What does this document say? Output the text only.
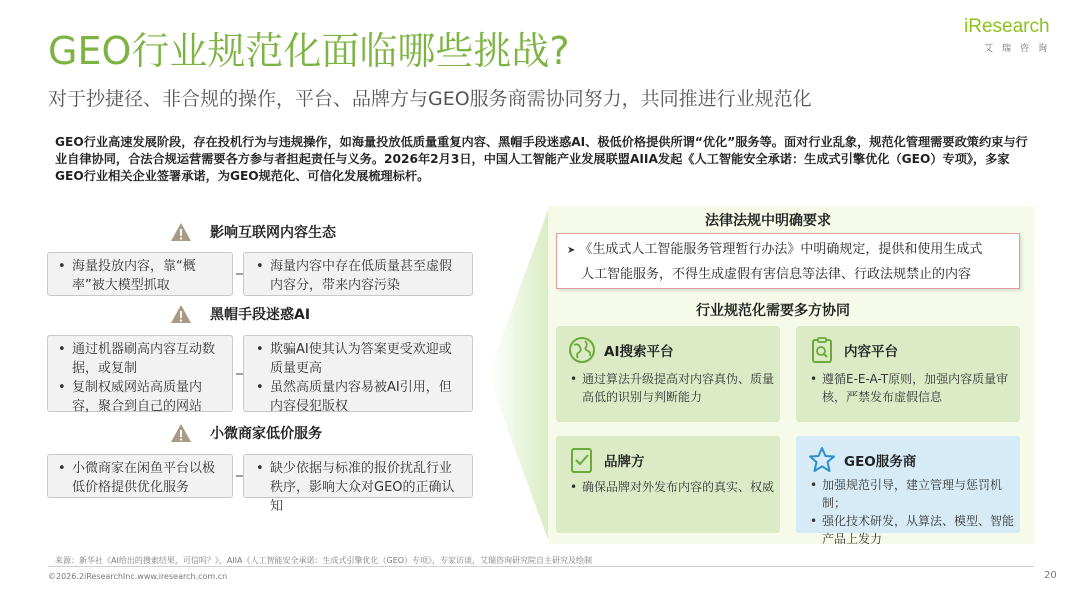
GEO行业规范化面临哪些挑战?
对于抄捷径、非合规的操作，平台、品牌方与GEO服务商需协同努力，共同推进行业规范化
iResearch
艾瑞咨询
GEO行业高速发展阶段，存在投机行为与违规操作，如海量投放低质量重复内容、黑帽手段迷惑AI、极低价格提供所谓“优化”服务等。面对行业乱象，规范化管理需要政策约束与行业自律协同，合法合规运营需要各方参与者担起责任与义务。2026年2月3日，中国人工智能产业发展联盟AIIA发起《人工智能安全承诺：生成式引擎优化（GEO）专项》，多家GEO行业相关企业签署承诺，为GEO规范化、可信化发展梳理标杆。
影响互联网内容生态
• 海量投放内容，靠“概率”被大模型抓取
• 海量内容中存在低质量甚至虚假内容分，带来内容污染
黑帽手段迷惑AI
• 通过机器刷高内容互动数据，或复制
• 复制权威网站高质量内容，聚合到自己的网站
• 欺骗AI使其认为答案更受欢迎或质量更高
• 虽然高质量内容易被AI引用，但内容侵犯版权
小微商家低价服务
• 小微商家在闲鱼平台以极低价格提供优化服务
• 缺少依据与标准的报价扰乱行业秩序，影响大众对GEO的正确认知
法律法规中明确要求
➤ 《生成式人工智能服务管理暂行办法》中明确规定，提供和使用生成式
人工智能服务，不得生成虚假有害信息等法律、行政法规禁止的内容
行业规范化需要多方协同
AI搜索平台
• 通过算法升级提高对内容真伪、质量高低的识别与判断能力
内容平台
• 遵循E-E-A-T原则，加强内容质量审核，严禁发布虚假信息
品牌方
• 确保品牌对外发布内容的真实、权威
GEO服务商
• 加强规范引导，建立管理与惩罚机制；
• 强化技术研发，从算法、模型、智能产品上发力
来源：新华社《AI给出的搜索结果，可信吗？》，AIIA《人工智能安全承诺：生成式引擎优化（GEO）专项》，专家访谈，艾瑞咨询研究院自主研究及绘制
©2026.2iResearchInc.www.iresearch.com.cn	20
